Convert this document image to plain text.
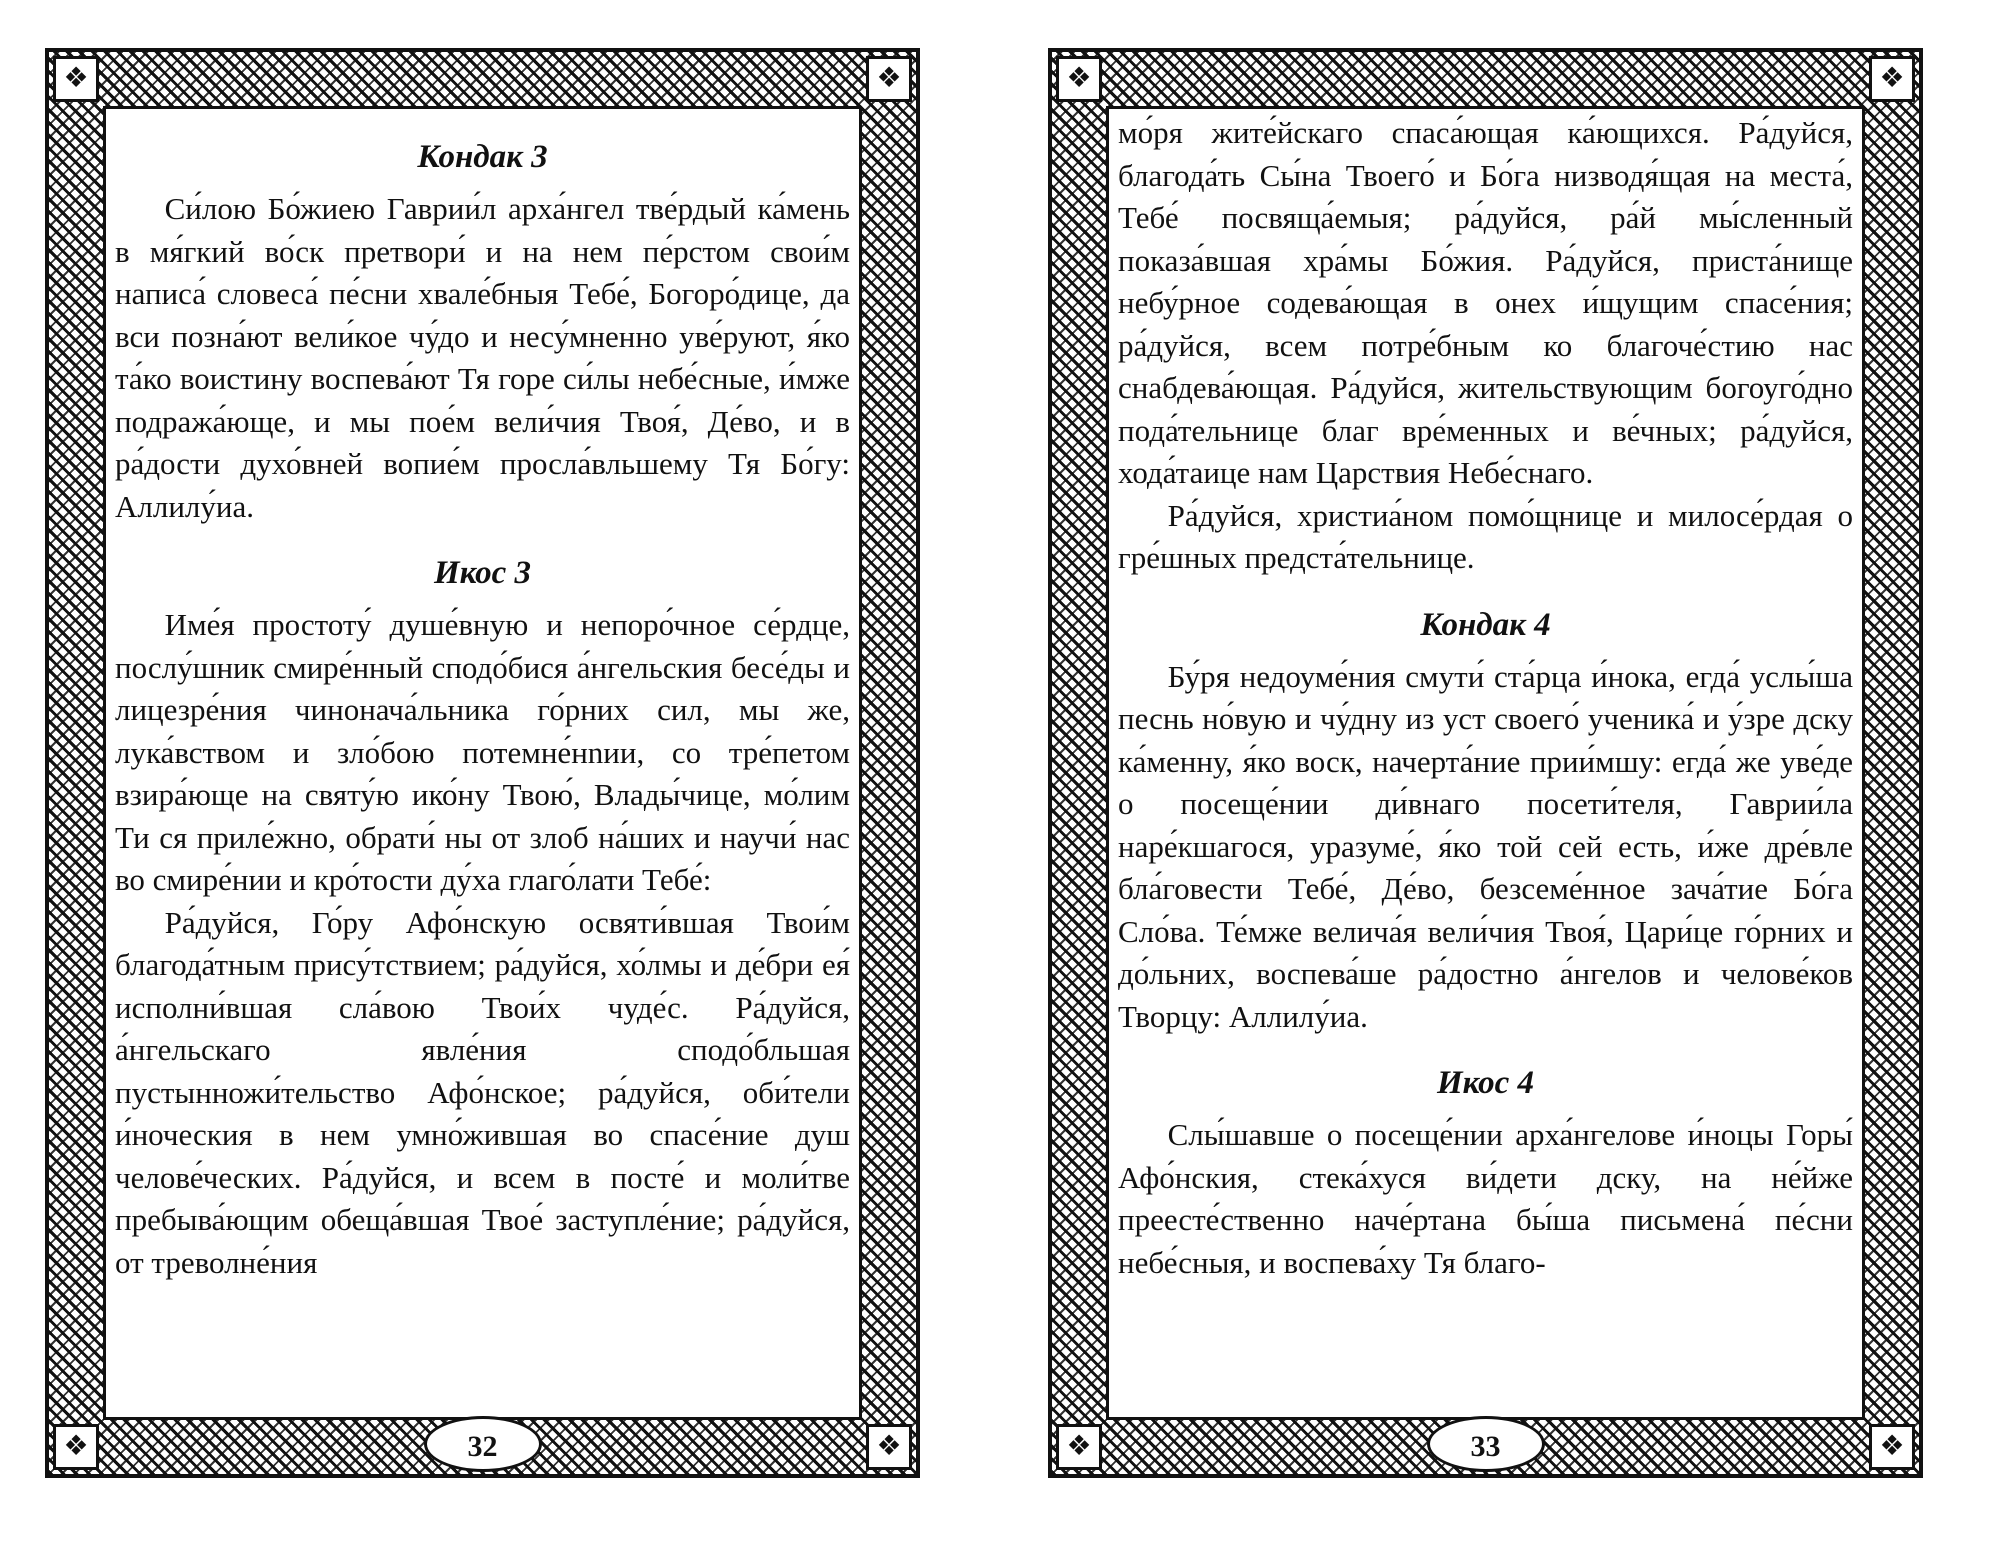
❖	❖
❖	❖
Кондак 3

Си́лою Бо́жиею Гаврии́л арха́нгел тве́рдый ка́мень в мя́гкий во́ск претвори́ и на нем пе́рстом свои́м написа́ словеса́ пе́сни хвале́бныя Тебе́, Богоро́дице, да вси позна́ют вели́кое чу́до и несу́мненно уве́руют, я́ко та́ко воистину воспева́ют Тя горе си́лы небе́сные, и́мже подража́юще, и мы пое́м вели́чия Твоя́, Де́во, и в ра́дости духо́вней вопие́м просла́вльшему Тя Бо́гу: Аллилу́иа.

Икос 3

Име́я простоту́ душе́вную и непоро́чное се́рдце, послу́шник смире́нный сподо́бися а́нгельския бесе́ды и лицезре́ния чинонача́льника го́рних сил, мы же, лука́вством и зло́бою потемне́нnии, со тре́петом взира́юще на святу́ю ико́ну Твою́, Влады́чице, мо́лим Ти ся приле́жно, обрати́ ны от злоб на́ших и научи́ нас во смире́нии и кро́тости ду́ха глаго́лати Тебе́:

Ра́дуйся, Го́ру Афо́нскую освяти́вшая Твои́м благода́тным прису́тствием; ра́дуйся, хо́лмы и де́бри ея́ исполни́вшая сла́вою Твои́х чуде́с. Ра́дуйся, а́нгельскаго явле́ния сподо́бльшая пустынножи́тельство Афо́нское; ра́дуйся, оби́тели и́ноческия в нем умно́жившая во спасе́ние душ челове́ческих. Ра́дуйся, и всем в посте́ и моли́тве пребыва́ющим обеща́вшая Твое́ заступле́ние; ра́дуйся, от треволне́ния

32
❖	❖
❖	❖

мо́ря жите́йскаго спаса́ющая ка́ющихся. Ра́дуйся, благода́ть Сы́на Твоего́ и Бо́га низводя́щая на места́, Тебе́ посвяща́емыя; ра́дуйся, ра́й мы́сленный показа́вшая хра́мы Бо́жия. Ра́дуйся, приста́нище небу́рное содева́ющая в онех и́щущим спасе́ния; ра́дуйся, всем потре́бным ко благоче́стию нас снабдева́ющая. Ра́дуйся, жительствующим богоуго́дно пода́тельнице благ вре́менных и ве́чных; ра́дуйся, хода́таице нам Царствия Небе́снаго.

Ра́дуйся, христиа́ном помо́щнице и милосе́рдая о гре́шных предста́тельнице.

Кондак 4

Бу́ря недоуме́ния смути́ ста́рца и́нока, егда́ услы́ша песнь но́вую и чу́дну из уст своего́ ученика́ и у́зре дску ка́менну, я́ко воск, начерта́ние прии́мшу: егда́ же уве́де о посеще́нии ди́внаго посети́теля, Гаврии́ла наре́кшагося, уразуме́, я́ко той сей есть, и́же дре́вле бла́говести Тебе́, Де́во, безсеме́нное зача́тие Бо́га Сло́ва. Те́мже велича́я вели́чия Твоя́, Цари́це го́рних и до́льних, воспева́ше ра́достно а́нгелов и челове́ков Творцу: Аллилу́иа.

Икос 4

Слы́шавше о посеще́нии арха́нгелове и́ноцы Горы́ Афо́нския, стека́хуся ви́дети дску, на не́йже преесте́ственно наче́ртана бы́ша письмена́ пе́сни небе́сныя, и воспева́ху Тя благо-

33
